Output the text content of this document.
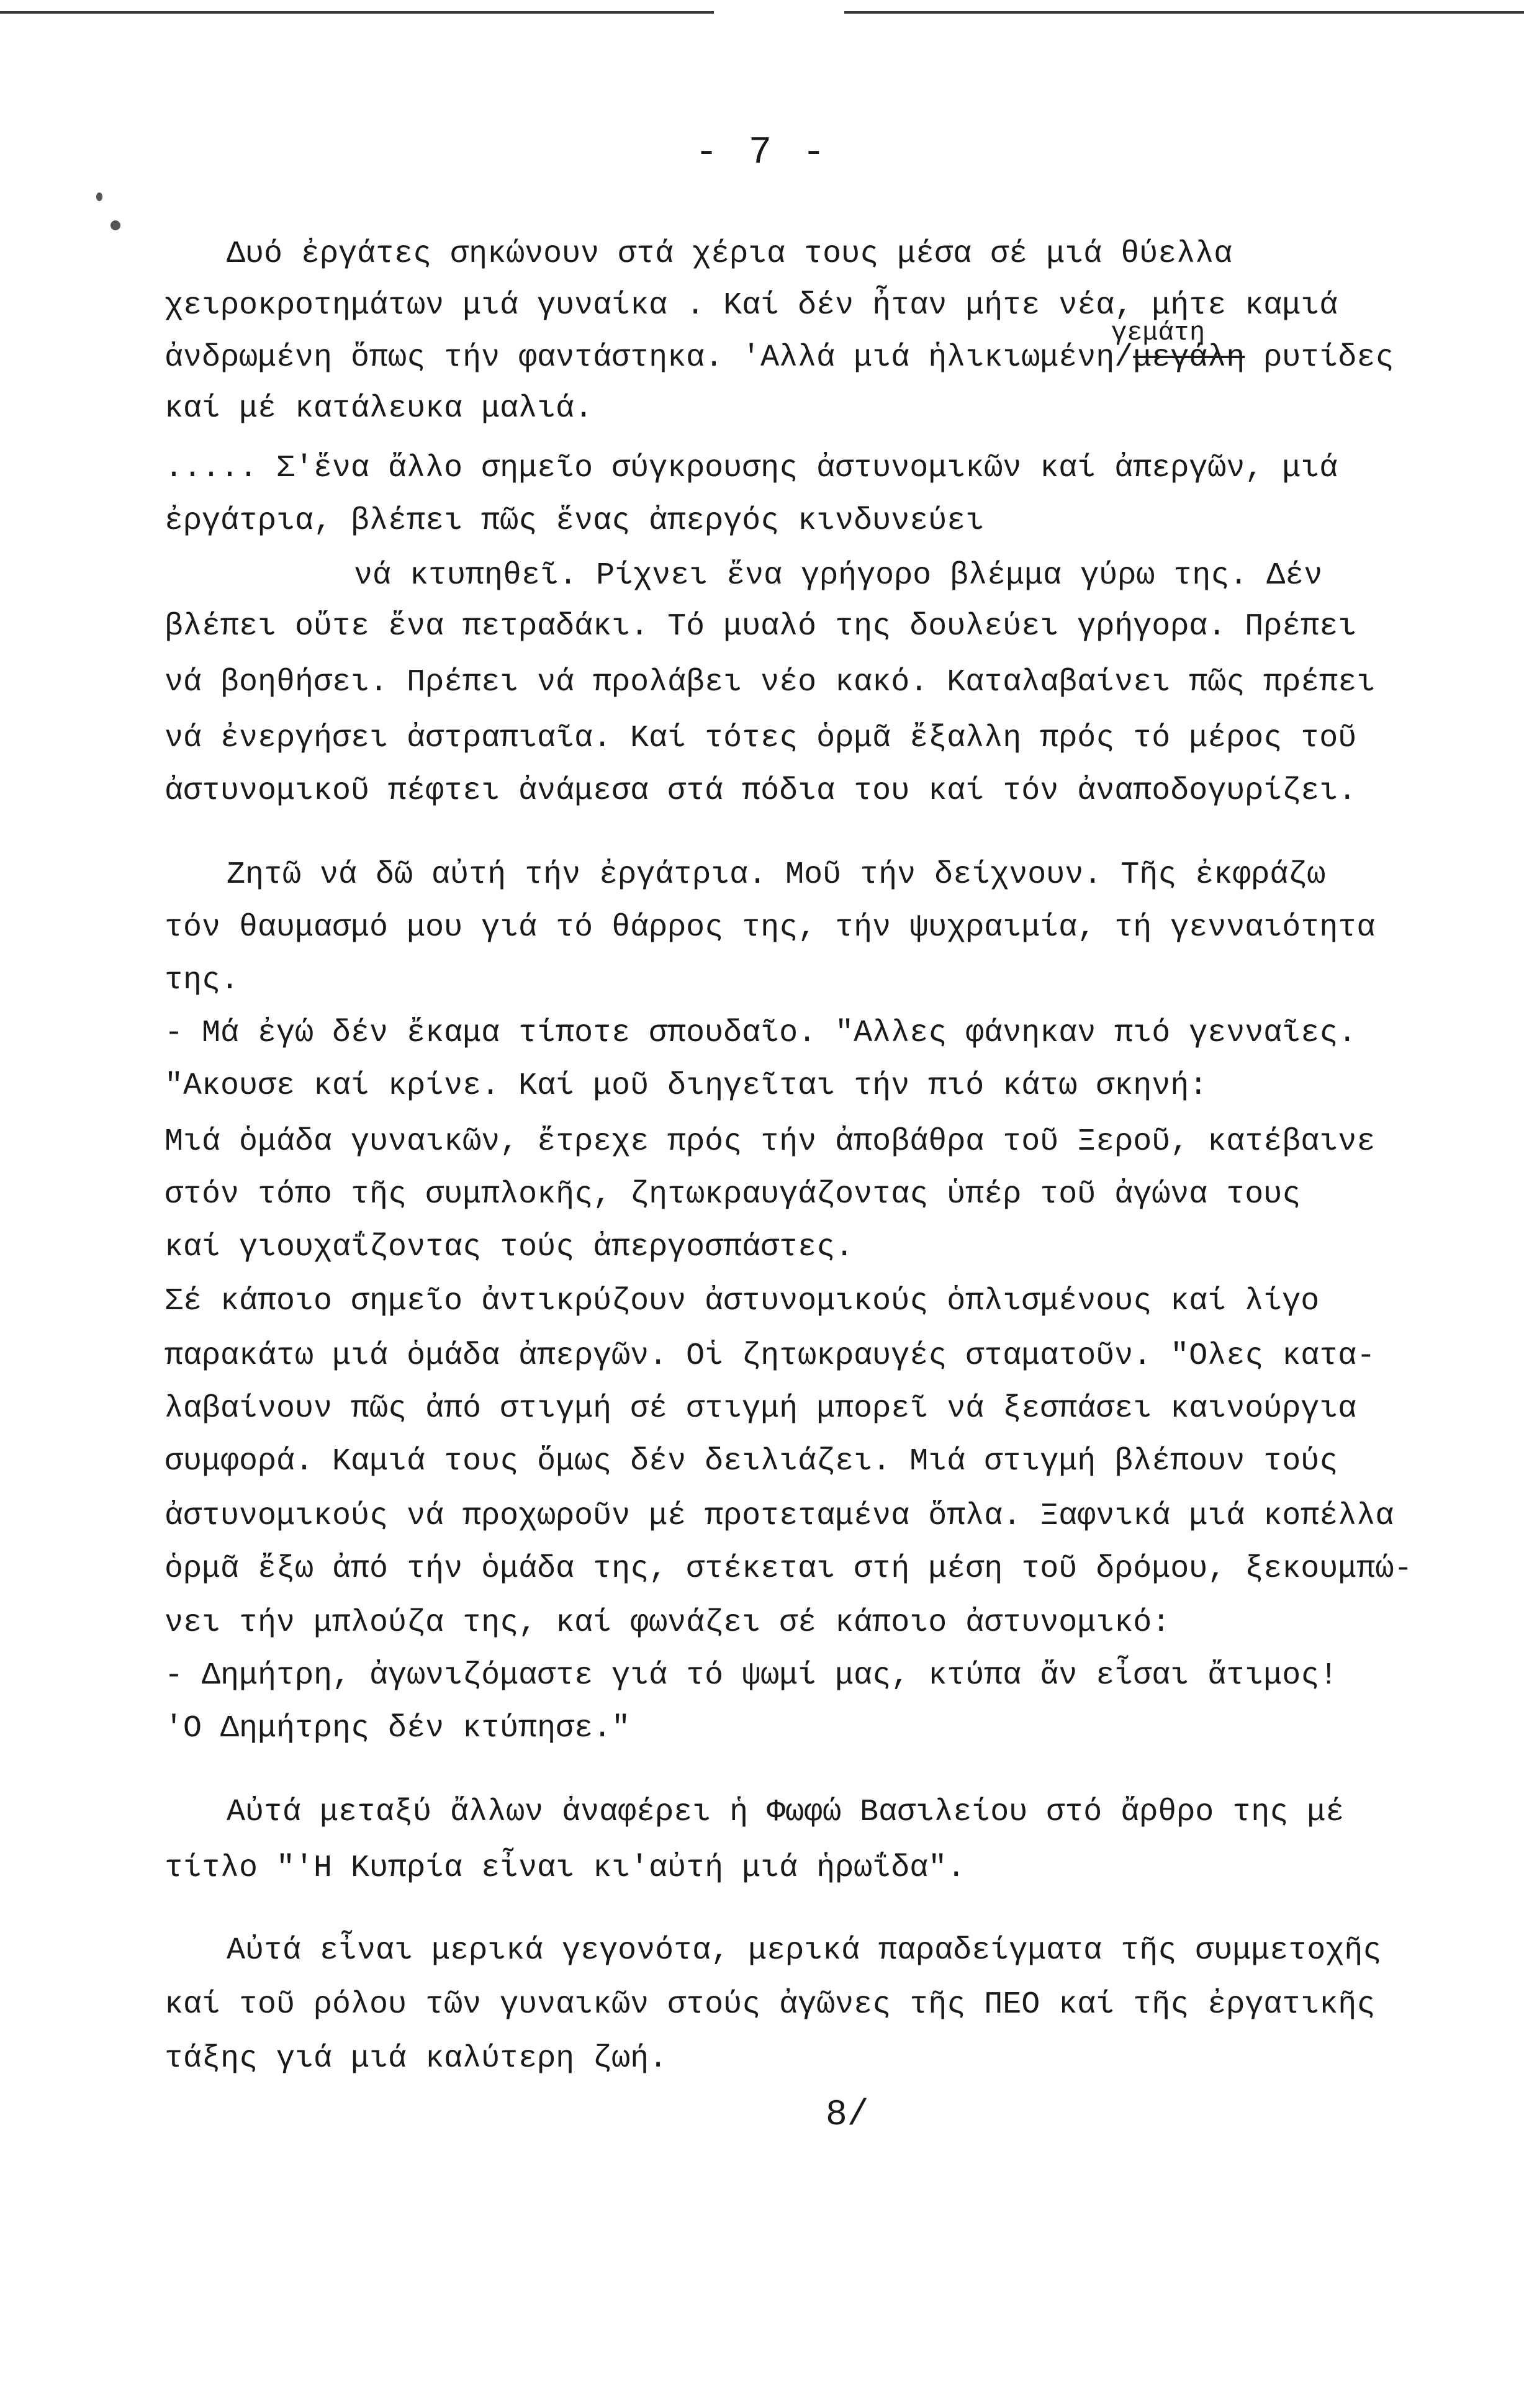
- 7 -
Δυό ἐργάτες σηκώνουν στά χέρια τους μέσα σέ μιά θύελλα
χειροκροτημάτων μιά γυναίκα . Καί δέν ἦταν μήτε νέα, μήτε καμιά
γεμάτη
ἀνδρωμένη ὅπως τήν φαντάστηκα. 'Αλλά μιά ἡλικιωμένη/μεγάλη ρυτίδες
καί μέ κατάλευκα μαλιά.
..... Σ'ἕνα ἄλλο σημεῖο σύγκρουσης ἀστυνομικῶν καί ἀπεργῶν, μιά
ἐργάτρια, βλέπει πῶς ἕνας ἀπεργός κινδυνεύει
νά κτυπηθεῖ. Ρίχνει ἕνα γρήγορο βλέμμα γύρω της. Δέν
βλέπει οὔτε ἕνα πετραδάκι. Τό μυαλό της δουλεύει γρήγορα. Πρέπει
νά βοηθήσει. Πρέπει νά προλάβει νέο κακό. Καταλαβαίνει πῶς πρέπει
νά ἐνεργήσει ἀστραπιαῖα. Καί τότες ὁρμᾶ ἔξαλλη πρός τό μέρος τοῦ
ἀστυνομικοῦ πέφτει ἀνάμεσα στά πόδια του καί τόν ἀναποδογυρίζει.
Ζητῶ νά δῶ αὐτή τήν ἐργάτρια. Μοῦ τήν δείχνουν. Τῆς ἐκφράζω
τόν θαυμασμό μου γιά τό θάρρος της, τήν ψυχραιμία, τή γενναιότητα
της.
- Μά ἐγώ δέν ἔκαμα τίποτε σπουδαῖο. "Αλλες φάνηκαν πιό γενναῖες.
"Ακουσε καί κρίνε. Καί μοῦ διηγεῖται τήν πιό κάτω σκηνή:
Μιά ὁμάδα γυναικῶν, ἔτρεχε πρός τήν ἀποβάθρα τοῦ Ξεροῦ, κατέβαινε
στόν τόπο τῆς συμπλοκῆς, ζητωκραυγάζοντας ὑπέρ τοῦ ἀγώνα τους
καί γιουχαΐζοντας τούς ἀπεργοσπάστες.
Σέ κάποιο σημεῖο ἀντικρύζουν ἀστυνομικούς ὁπλισμένους καί λίγο
παρακάτω μιά ὁμάδα ἀπεργῶν. Οἱ ζητωκραυγές σταματοῦν. "Ολες κατα-
λαβαίνουν πῶς ἀπό στιγμή σέ στιγμή μπορεῖ νά ξεσπάσει καινούργια
συμφορά. Καμιά τους ὅμως δέν δειλιάζει. Μιά στιγμή βλέπουν τούς
ἀστυνομικούς νά προχωροῦν μέ προτεταμένα ὅπλα. Ξαφνικά μιά κοπέλλα
ὁρμᾶ ἔξω ἀπό τήν ὁμάδα της, στέκεται στή μέση τοῦ δρόμου, ξεκουμπώ-
νει τήν μπλούζα της, καί φωνάζει σέ κάποιο ἀστυνομικό:
- Δημήτρη, ἀγωνιζόμαστε γιά τό ψωμί μας, κτύπα ἄν εἶσαι ἄτιμος!
'Ο Δημήτρης δέν κτύπησε."
Αὐτά μεταξύ ἄλλων ἀναφέρει ἡ Φωφώ Βασιλείου στό ἄρθρο της μέ
τίτλο "'Η Κυπρία εἶναι κι'αὐτή μιά ἡρωΐδα".
Αὐτά εἶναι μερικά γεγονότα, μερικά παραδείγματα τῆς συμμετοχῆς
καί τοῦ ρόλου τῶν γυναικῶν στούς ἀγῶνες τῆς ΠΕΟ καί τῆς ἐργατικῆς
τάξης γιά μιά καλύτερη ζωή.
8/
